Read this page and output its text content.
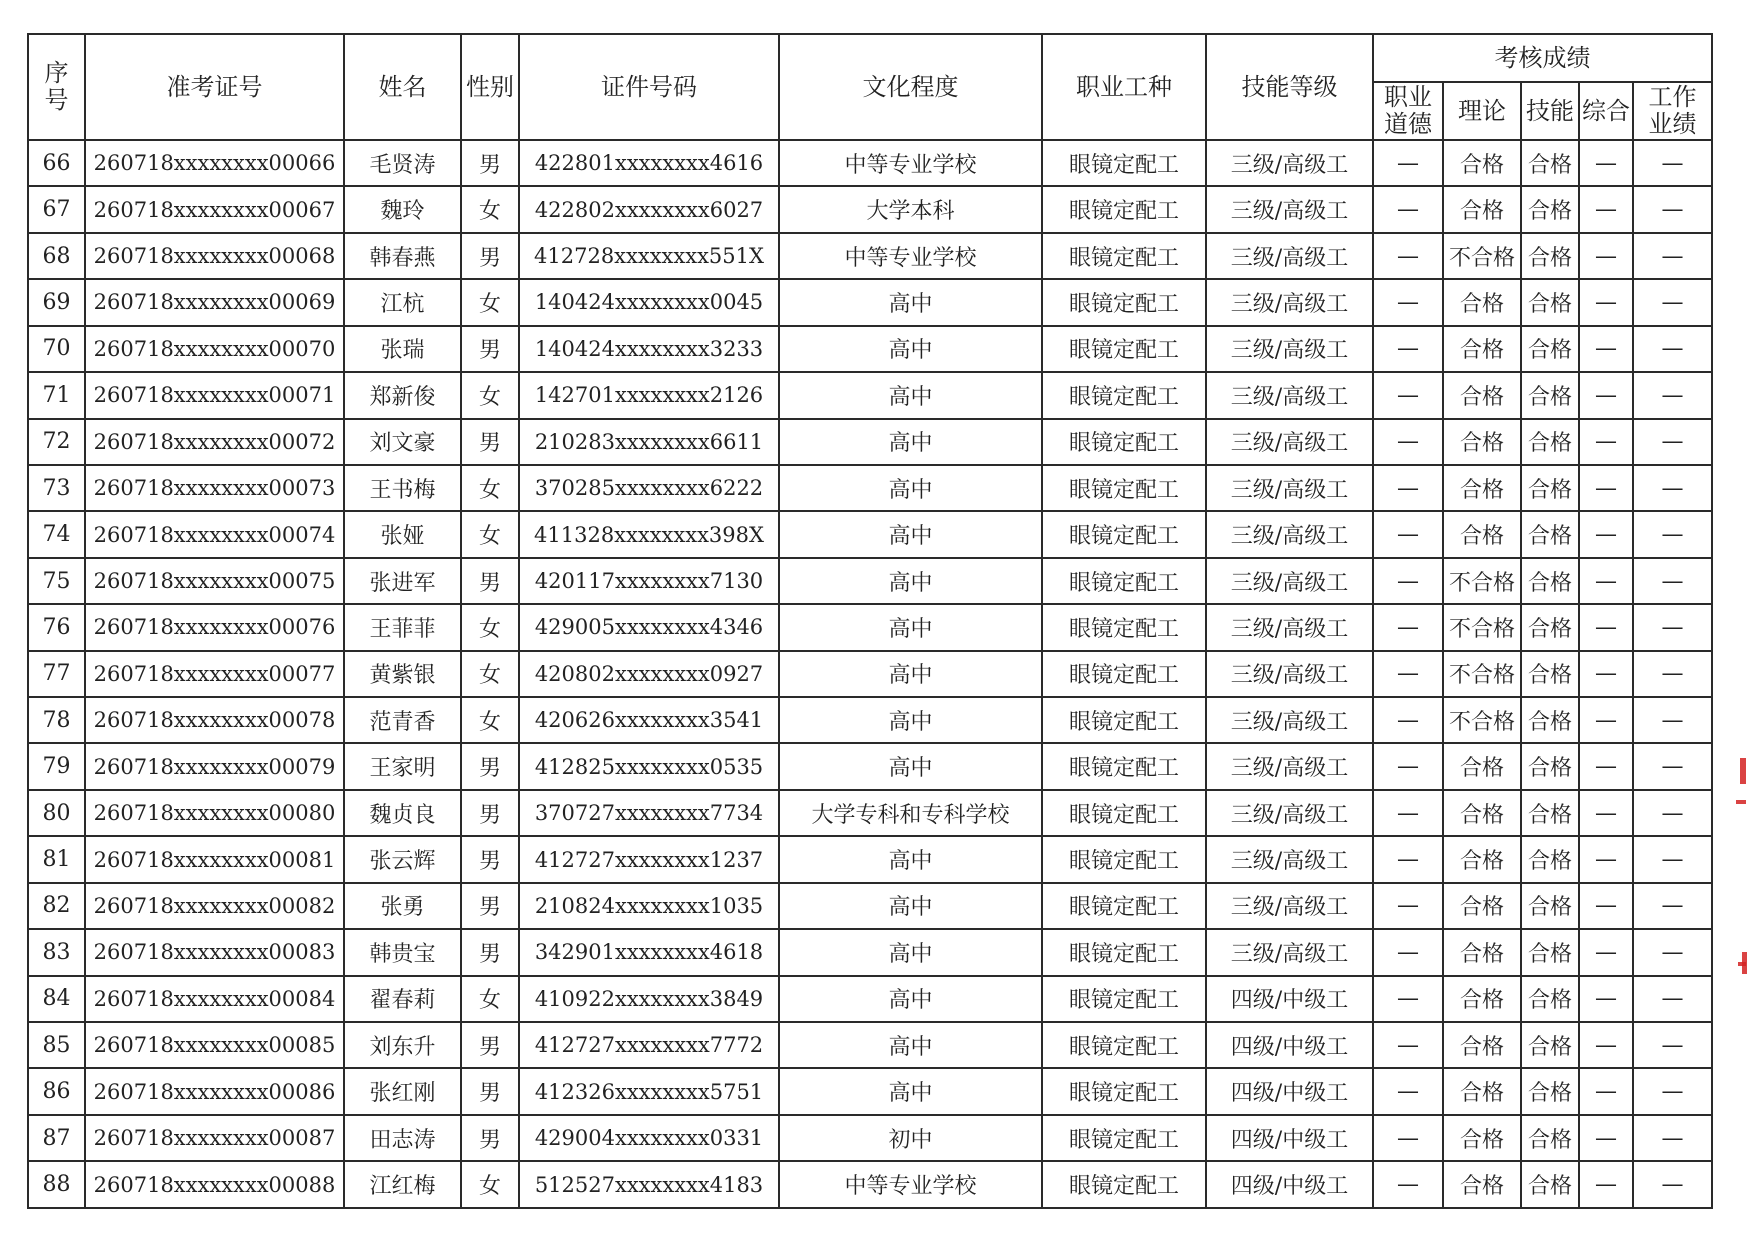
序号	准考证号	姓名	性别	证件号码	文化程度	职业工种	技能等级	考核成绩				
								职业道德	理论	技能	综合	工作业绩
66	260718xxxxxxxx00066	毛贤涛	男	422801xxxxxxxx4616	中等专业学校	眼镜定配工	三级/高级工	—	合格	合格	—	—
67	260718xxxxxxxx00067	魏玲	女	422802xxxxxxxx6027	大学本科	眼镜定配工	三级/高级工	—	合格	合格	—	—
68	260718xxxxxxxx00068	韩春燕	男	412728xxxxxxxx551X	中等专业学校	眼镜定配工	三级/高级工	—	不合格	合格	—	—
69	260718xxxxxxxx00069	江杭	女	140424xxxxxxxx0045	高中	眼镜定配工	三级/高级工	—	合格	合格	—	—
70	260718xxxxxxxx00070	张瑞	男	140424xxxxxxxx3233	高中	眼镜定配工	三级/高级工	—	合格	合格	—	—
71	260718xxxxxxxx00071	郑新俊	女	142701xxxxxxxx2126	高中	眼镜定配工	三级/高级工	—	合格	合格	—	—
72	260718xxxxxxxx00072	刘文豪	男	210283xxxxxxxx6611	高中	眼镜定配工	三级/高级工	—	合格	合格	—	—
73	260718xxxxxxxx00073	王书梅	女	370285xxxxxxxx6222	高中	眼镜定配工	三级/高级工	—	合格	合格	—	—
74	260718xxxxxxxx00074	张娅	女	411328xxxxxxxx398X	高中	眼镜定配工	三级/高级工	—	合格	合格	—	—
75	260718xxxxxxxx00075	张进军	男	420117xxxxxxxx7130	高中	眼镜定配工	三级/高级工	—	不合格	合格	—	—
76	260718xxxxxxxx00076	王菲菲	女	429005xxxxxxxx4346	高中	眼镜定配工	三级/高级工	—	不合格	合格	—	—
77	260718xxxxxxxx00077	黄紫银	女	420802xxxxxxxx0927	高中	眼镜定配工	三级/高级工	—	不合格	合格	—	—
78	260718xxxxxxxx00078	范青香	女	420626xxxxxxxx3541	高中	眼镜定配工	三级/高级工	—	不合格	合格	—	—
79	260718xxxxxxxx00079	王家明	男	412825xxxxxxxx0535	高中	眼镜定配工	三级/高级工	—	合格	合格	—	—
80	260718xxxxxxxx00080	魏贞良	男	370727xxxxxxxx7734	大学专科和专科学校	眼镜定配工	三级/高级工	—	合格	合格	—	—
81	260718xxxxxxxx00081	张云辉	男	412727xxxxxxxx1237	高中	眼镜定配工	三级/高级工	—	合格	合格	—	—
82	260718xxxxxxxx00082	张勇	男	210824xxxxxxxx1035	高中	眼镜定配工	三级/高级工	—	合格	合格	—	—
83	260718xxxxxxxx00083	韩贵宝	男	342901xxxxxxxx4618	高中	眼镜定配工	三级/高级工	—	合格	合格	—	—
84	260718xxxxxxxx00084	翟春莉	女	410922xxxxxxxx3849	高中	眼镜定配工	四级/中级工	—	合格	合格	—	—
85	260718xxxxxxxx00085	刘东升	男	412727xxxxxxxx7772	高中	眼镜定配工	四级/中级工	—	合格	合格	—	—
86	260718xxxxxxxx00086	张红刚	男	412326xxxxxxxx5751	高中	眼镜定配工	四级/中级工	—	合格	合格	—	—
87	260718xxxxxxxx00087	田志涛	男	429004xxxxxxxx0331	初中	眼镜定配工	四级/中级工	—	合格	合格	—	—
88	260718xxxxxxxx00088	江红梅	女	512527xxxxxxxx4183	中等专业学校	眼镜定配工	四级/中级工	—	合格	合格	—	—
